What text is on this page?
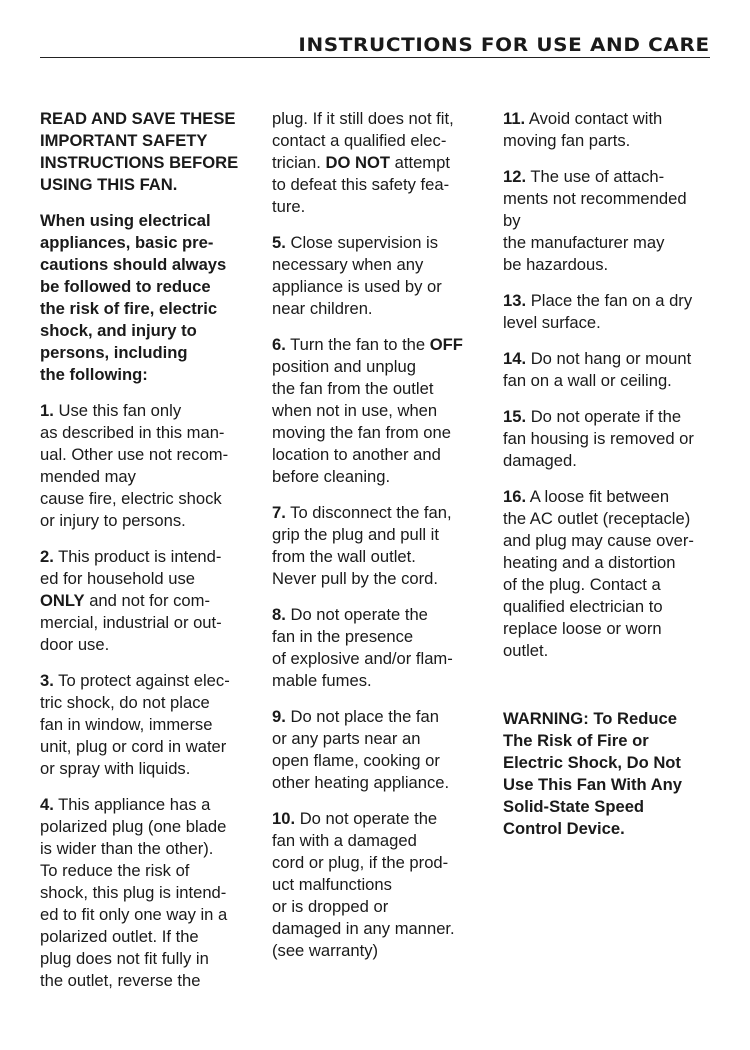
INSTRUCTIONS FOR USE AND CARE

READ AND SAVE THESE
IMPORTANT SAFETY
INSTRUCTIONS BEFORE
USING THIS FAN.

When using electrical
appliances, basic pre-
cautions should always
be followed to reduce
the risk of fire, electric
shock, and injury to
persons, including
the following:

1. Use this fan only
as described in this man-
ual. Other use not recom-
mended may
cause fire, electric shock
or injury to persons.

2. This product is intend-
ed for household use
ONLY and not for com-
mercial, industrial or out-
door use.

3. To protect against elec-
tric shock, do not place
fan in window, immerse
unit, plug or cord in water
or spray with liquids.

4. This appliance has a
polarized plug (one blade
is wider than the other).
To reduce the risk of
shock, this plug is intend-
ed to fit only one way in a
polarized outlet. If the
plug does not fit fully in
the outlet, reverse the

plug. If it still does not fit,
contact a qualified elec-
trician. DO NOT attempt
to defeat this safety fea-
ture.

5. Close supervision is
necessary when any
appliance is used by or
near children.

6. Turn the fan to the OFF
position and unplug
the fan from the outlet
when not in use, when
moving the fan from one
location to another and
before cleaning.

7. To disconnect the fan,
grip the plug and pull it
from the wall outlet.
Never pull by the cord.

8. Do not operate the
fan in the presence
of explosive and/or flam-
mable fumes.

9. Do not place the fan
or any parts near an
open flame, cooking or
other heating appliance.

10. Do not operate the
fan with a damaged
cord or plug, if the prod-
uct malfunctions
or is dropped or
damaged in any manner.
(see warranty)

11. Avoid contact with
moving fan parts.

12. The use of attach-
ments not recommended
by
the manufacturer may
be hazardous.

13. Place the fan on a dry
level surface.

14. Do not hang or mount
fan on a wall or ceiling.

15. Do not operate if the
fan housing is removed or
damaged.

16. A loose fit between
the AC outlet (receptacle)
and plug may cause over-
heating and a distortion
of the plug. Contact a
qualified electrician to
replace loose or worn
outlet.

WARNING: To Reduce
The Risk of Fire or
Electric Shock, Do Not
Use This Fan With Any
Solid-State Speed
Control Device.
